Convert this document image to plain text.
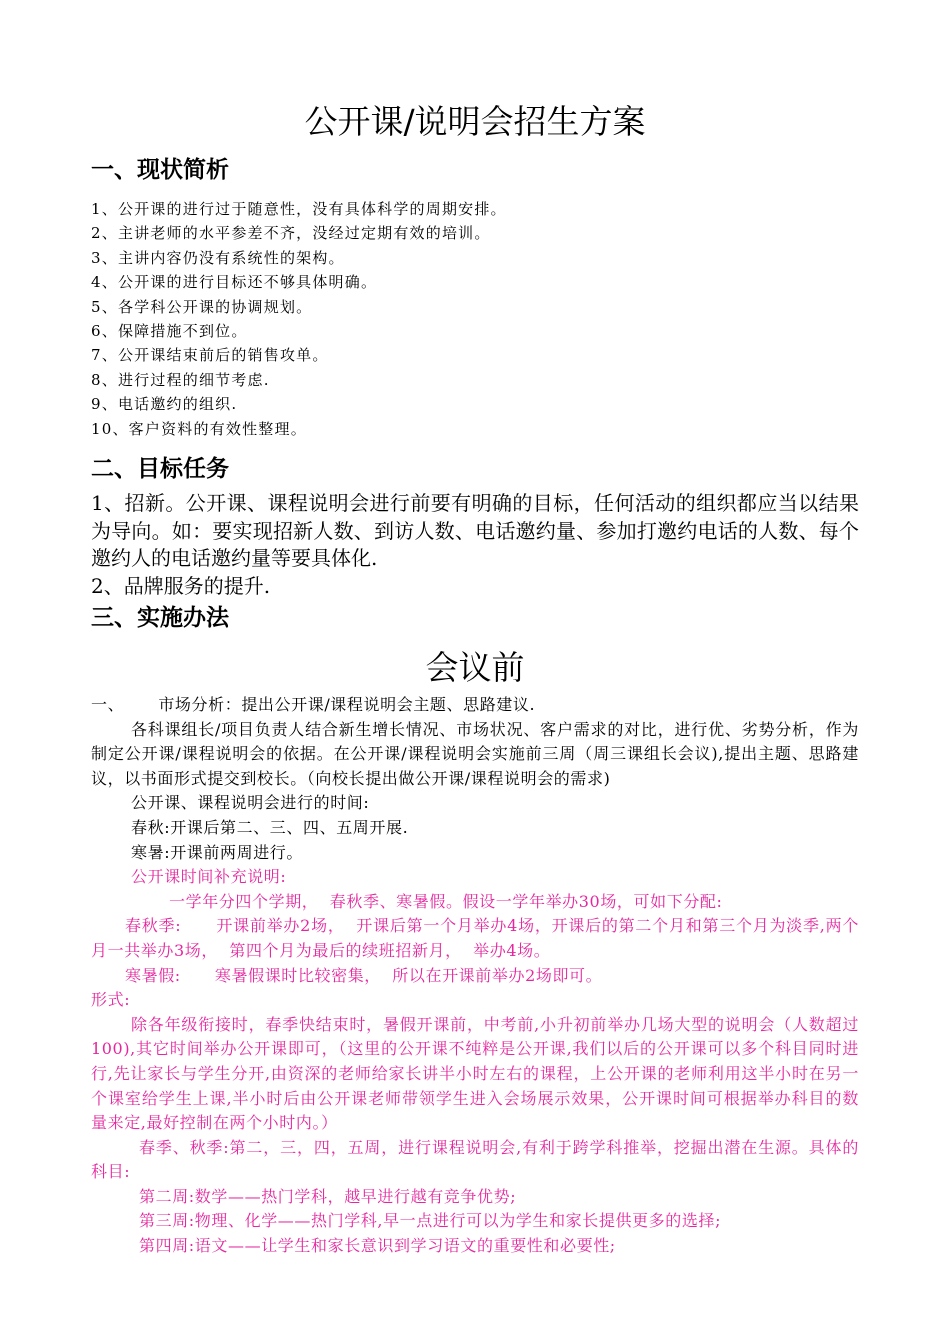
公开课/说明会招生方案
一、现状简析
1、公开课的进行过于随意性，没有具体科学的周期安排。
2、主讲老师的水平参差不齐，没经过定期有效的培训。
3、主讲内容仍没有系统性的架构。
4、公开课的进行目标还不够具体明确。
5、各学科公开课的协调规划。
6、保障措施不到位。
7、公开课结束前后的销售攻单。
8、进行过程的细节考虑.
9、电话邀约的组织.
10、客户资料的有效性整理。
二、目标任务

1、招新。公开课、课程说明会进行前要有明确的目标，任何活动的组织都应当以结果为导向。如：要实现招新人数、到访人数、电话邀约量、参加打邀约电话的人数、每个邀约人的电话邀约量等要具体化.

2、品牌服务的提升.

三、实施办法
会议前

一、      市场分析：提出公开课/课程说明会主题、思路建议.

各科课组长/项目负责人结合新生增长情况、市场状况、客户需求的对比，进行优、劣势分析，作为制定公开课/课程说明会的依据。在公开课/课程说明会实施前三周（周三课组长会议),提出主题、思路建议，以书面形式提交到校长。（向校长提出做公开课/课程说明会的需求)

公开课、课程说明会进行的时间:

春秋:开课后第二、三、四、五周开展.

寒暑:开课前两周进行。

公开课时间补充说明:

一学年分四个学期，  春秋季、寒暑假。假设一学年举办30场，可如下分配:

春秋季:      开课前举办2场，  开课后第一个月举办4场，开课后的第二个月和第三个月为淡季,两个月一共举办3场，  第四个月为最后的续班招新月，  举办4场。

寒暑假:      寒暑假课时比较密集，  所以在开课前举办2场即可。

形式:

除各年级衔接时，春季快结束时，暑假开课前，中考前,小升初前举办几场大型的说明会（人数超过100),其它时间举办公开课即可，（这里的公开课不纯粹是公开课,我们以后的公开课可以多个科目同时进行,先让家长与学生分开,由资深的老师给家长讲半小时左右的课程，上公开课的老师利用这半小时在另一个课室给学生上课,半小时后由公开课老师带领学生进入会场展示效果，公开课时间可根据举办科目的数量来定,最好控制在两个小时内。）

春季、秋季:第二，三，四，五周，进行课程说明会,有利于跨学科推举，挖掘出潜在生源。具体的科目:

第二周:数学——热门学科，越早进行越有竞争优势;

第三周:物理、化学——热门学科,早一点进行可以为学生和家长提供更多的选择;

第四周:语文——让学生和家长意识到学习语文的重要性和必要性;
